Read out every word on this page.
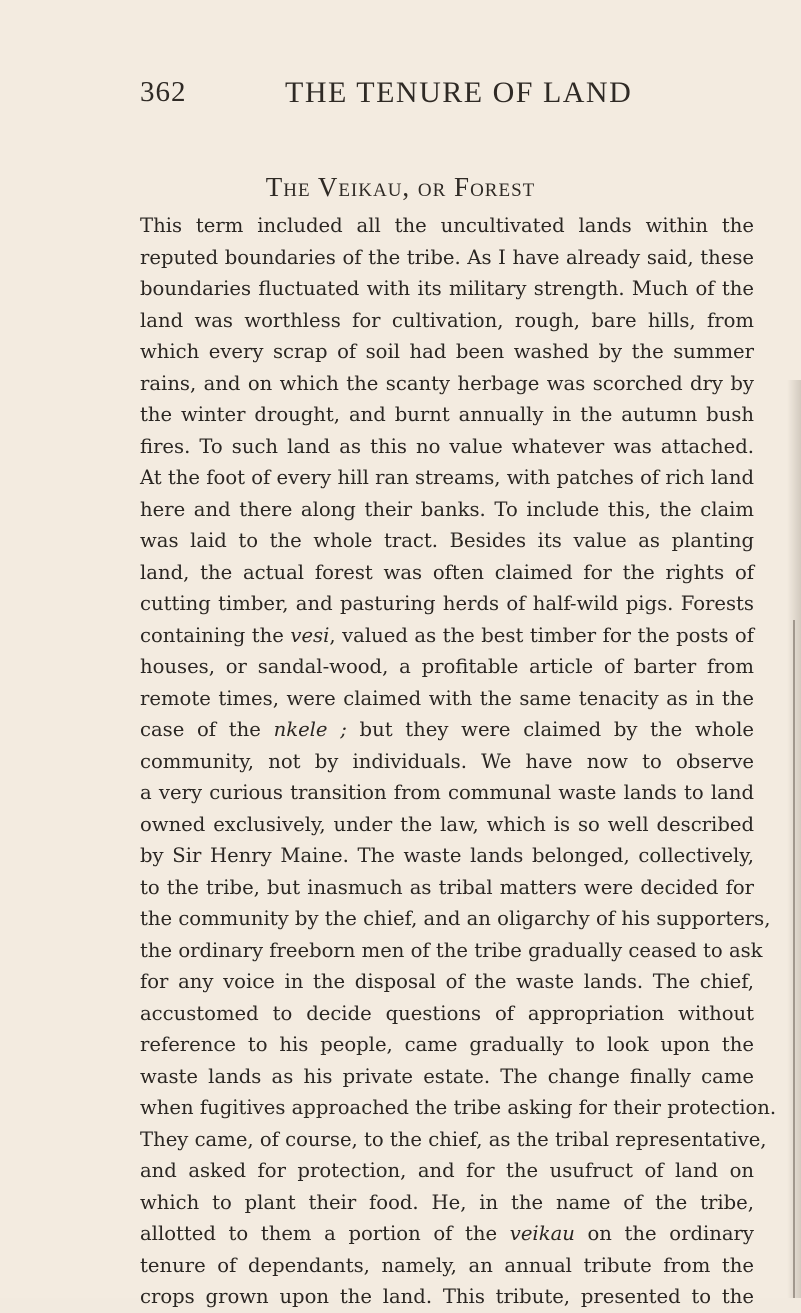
362	THE TENURE OF LAND
The Veikau, or Forest
This term included all the uncultivated lands within the
reputed boundaries of the tribe. As I have already said, these
boundaries fluctuated with its military strength. Much of the
land was worthless for cultivation, rough, bare hills, from
which every scrap of soil had been washed by the summer
rains, and on which the scanty herbage was scorched dry by
the winter drought, and burnt annually in the autumn bush
fires. To such land as this no value whatever was attached.
At the foot of every hill ran streams, with patches of rich land
here and there along their banks. To include this, the claim
was laid to the whole tract. Besides its value as planting
land, the actual forest was often claimed for the rights of
cutting timber, and pasturing herds of half-wild pigs. Forests
containing the vesi, valued as the best timber for the posts of
houses, or sandal-wood, a profitable article of barter from
remote times, were claimed with the same tenacity as in the
case of the nkele ; but they were claimed by the whole
community, not by individuals. We have now to observe
a very curious transition from communal waste lands to land
owned exclusively, under the law, which is so well described
by Sir Henry Maine. The waste lands belonged, collectively,
to the tribe, but inasmuch as tribal matters were decided for
the community by the chief, and an oligarchy of his supporters,
the ordinary freeborn men of the tribe gradually ceased to ask
for any voice in the disposal of the waste lands. The chief,
accustomed to decide questions of appropriation without
reference to his people, came gradually to look upon the
waste lands as his private estate. The change finally came
when fugitives approached the tribe asking for their protection.
They came, of course, to the chief, as the tribal representative,
and asked for protection, and for the usufruct of land on
which to plant their food. He, in the name of the tribe,
allotted to them a portion of the veikau on the ordinary
tenure of dependants, namely, an annual tribute from the
crops grown upon the land. This tribute, presented to the
